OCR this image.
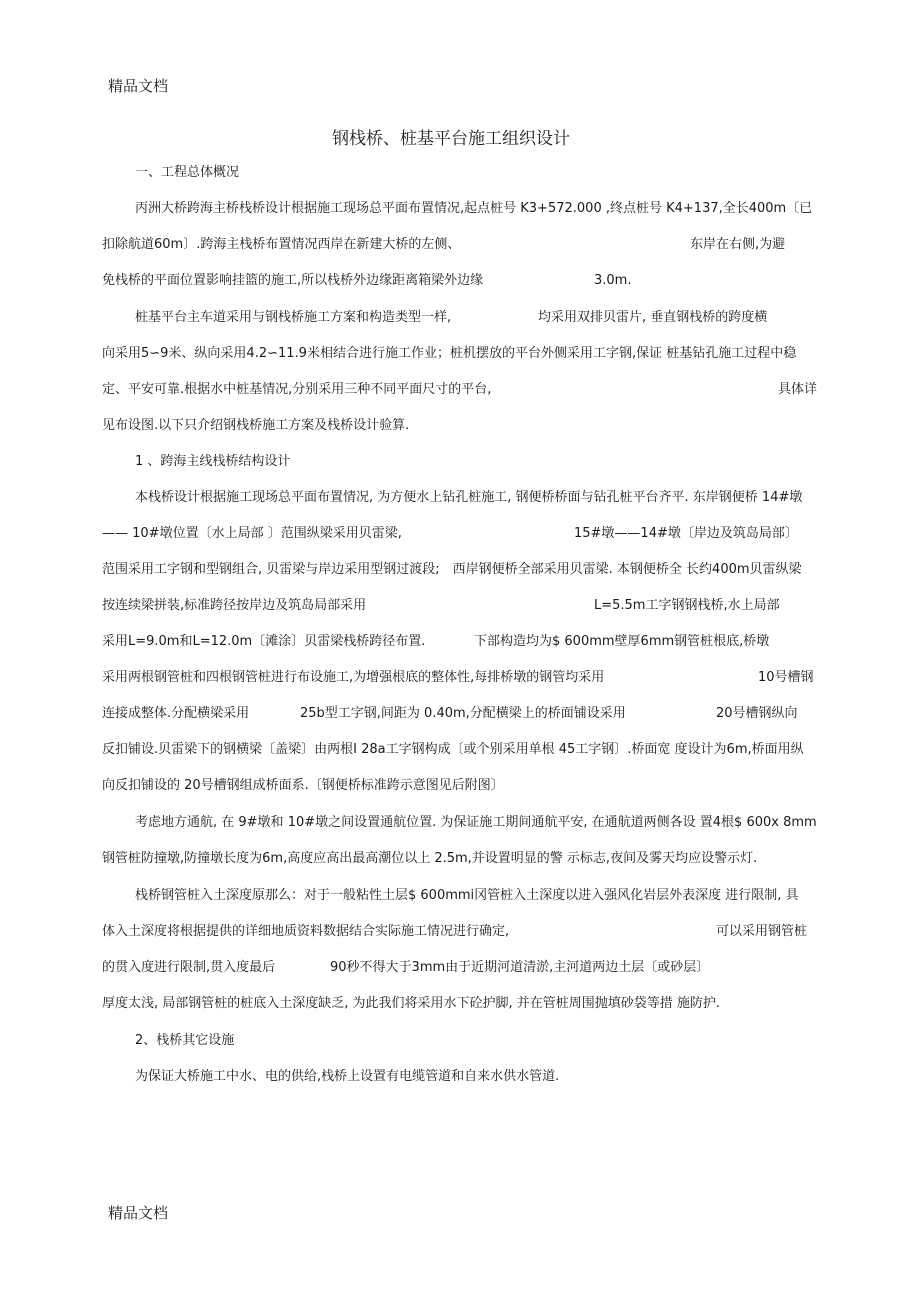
精品文档
钢栈桥、桩基平台施工组织设计
一、工程总体概况
丙洲大桥跨海主桥栈桥设计根据施工现场总平面布置情况,起点桩号 K3+572.000 ,终点桩号 K4+137,全长400m〔已
扣除航道60m〕.跨海主栈桥布置情况西岸在新建大桥的左侧、	东岸在右侧,为避
免栈桥的平面位置影响挂篮的施工,所以栈桥外边缘距离箱梁外边缘	3.0m.
桩基平台主车道采用与钢栈桥施工方案和构造类型一样,	均采用双排贝雷片, 垂直钢栈桥的跨度横
向采用5∽9米、纵向采用4.2∽11.9米相结合进行施工作业；桩机摆放的平台外侧采用工字钢,保证 桩基钻孔施工过程中稳
定、平安可靠.根据水中桩基情况,分别采用三种不同平面尺寸的平台,	具体详
见布设图.以下只介绍钢栈桥施工方案及栈桥设计验算.
1 、跨海主线栈桥结构设计
本栈桥设计根据施工现场总平面布置情况, 为方便水上钻孔桩施工, 钢便桥桥面与钻孔桩平台齐平. 东岸钢便桥 14#墩
—— 10#墩位置〔水上局部 〕范围纵梁采用贝雷梁,	15#墩——14#墩〔岸边及筑岛局部〕
范围采用工字钢和型钢组合, 贝雷梁与岸边采用型钢过渡段;　西岸钢便桥全部采用贝雷梁. 本钢便桥全 长约400m贝雷纵梁
按连续梁拼装,标准跨径按岸边及筑岛局部采用	L=5.5m工字钢钢栈桥,水上局部
采用L=9.0m和L=12.0m〔滩涂〕贝雷梁栈桥跨径布置.	下部构造均为$ 600mm壁厚6mm钢管桩根底,桥墩
采用两根钢管桩和四根钢管桩进行布设施工,为增强根底的整体性,每排桥墩的钢管均采用	10号槽钢
连接成整体.分配横梁采用	25b型工字钢,间距为 0.40m,分配横梁上的桥面铺设采用	20号槽钢纵向
反扣铺设.贝雷梁下的钢横梁〔盖梁〕由两根I 28a工字钢构成〔或个别采用单根 45工字钢〕.桥面宽 度设计为6m,桥面用纵
向反扣铺设的 20号槽钢组成桥面系.〔钢便桥标准跨示意图见后附图〕
考虑地方通航, 在 9#墩和 10#墩之间设置通航位置. 为保证施工期间通航平安, 在通航道两侧各设 置4根$ 600x 8mm
钢管桩防撞墩,防撞墩长度为6m,高度应高出最高潮位以上 2.5m,并设置明显的警 示标志,夜间及雾天均应设警示灯.
栈桥钢管桩入土深度原那么：对于一般粘性土层$ 600mmi冈管桩入土深度以进入强风化岩层外表深度 进行限制, 具
体入土深度将根据提供的详细地质资料数据结合实际施工情况进行确定,	可以采用钢管桩
的贯入度进行限制,贯入度最后	90秒不得大于3mm由于近期河道清淤,主河道两边土层〔或砂层〕
厚度太浅, 局部钢管桩的桩底入土深度缺乏, 为此我们将采用水下砼护脚, 并在管桩周围抛填砂袋等措 施防护.
2、栈桥其它设施
为保证大桥施工中水、电的供给,栈桥上设置有电缆管道和自来水供水管道.
精品文档
